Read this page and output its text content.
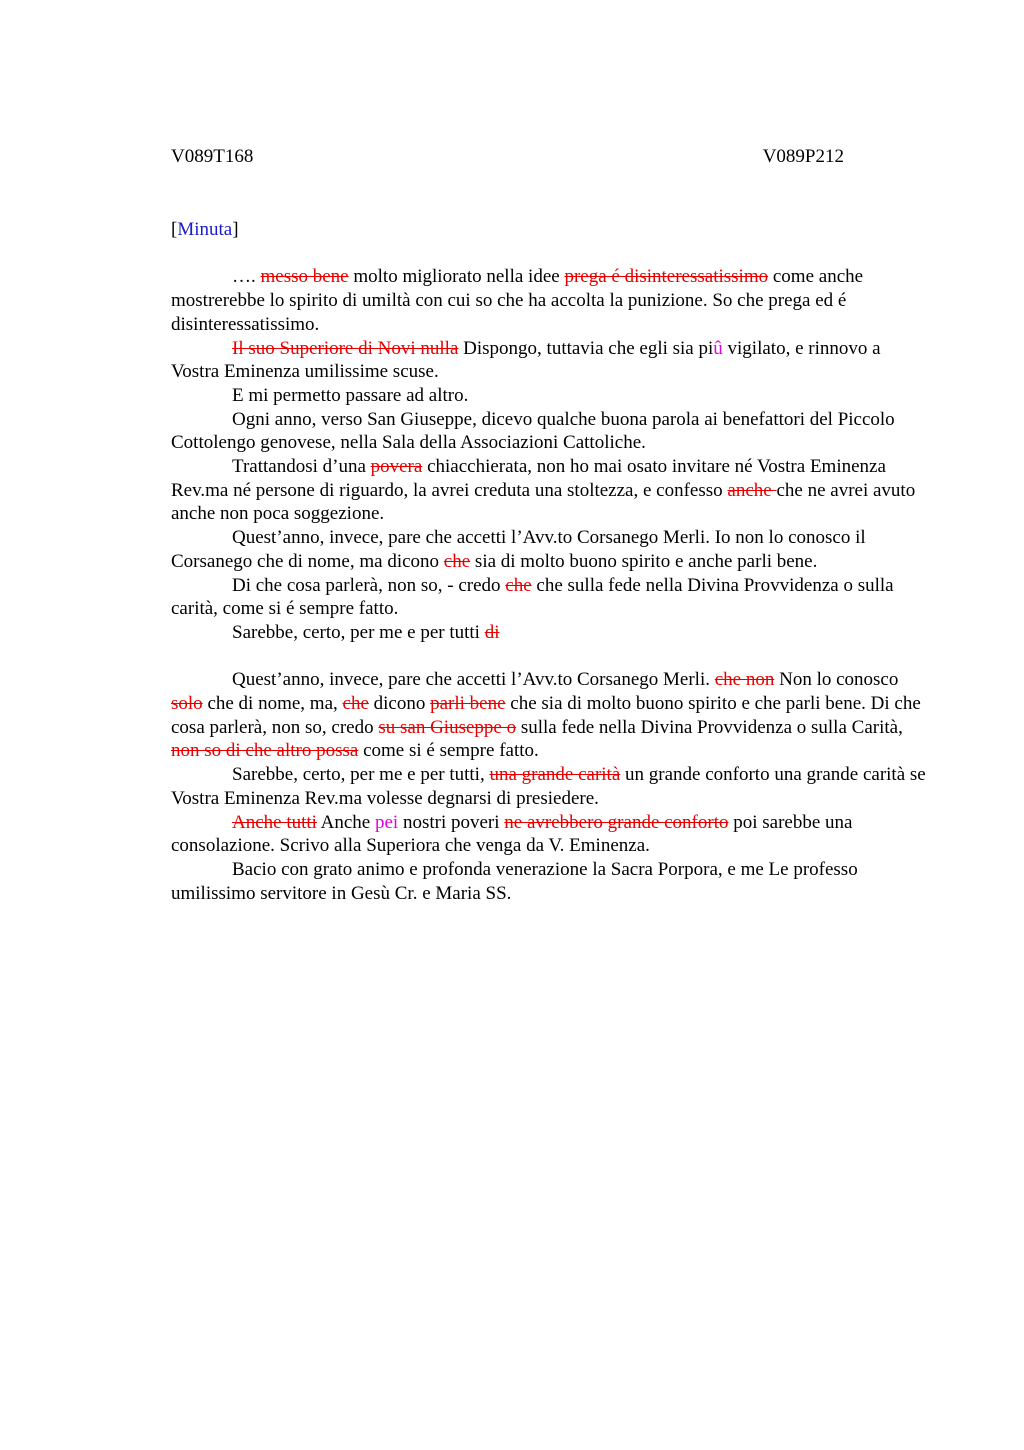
V089T168	V089P212
[Minuta]

…. messo bene molto migliorato nella idee prega é disinteressatissimo come anche mostrerebbe lo spirito di umiltà con cui so che ha accolta la punizione. So che prega ed é disinteressatissimo.

Il suo Superiore di Novi nulla Dispongo, tuttavia che egli sia piû vigilato, e rinnovo a Vostra Eminenza umilissime scuse.

E mi permetto passare ad altro.

Ogni anno, verso San Giuseppe, dicevo qualche buona parola ai benefattori del Piccolo Cottolengo genovese, nella Sala della Associazioni Cattoliche.

Trattandosi d’una povera chiacchierata, non ho mai osato invitare né Vostra Eminenza Rev.ma né persone di riguardo, la avrei creduta una stoltezza, e confesso anche che ne avrei avuto anche non poca soggezione.

Quest’anno, invece, pare che accetti l’Avv.to Corsanego Merli. Io non lo conosco il Corsanego che di nome, ma dicono che sia di molto buono spirito e anche parli bene.

Di che cosa parlerà, non so, - credo che che sulla fede nella Divina Provvidenza o sulla carità, come si é sempre fatto.

Sarebbe, certo, per me e per tutti di

Quest’anno, invece, pare che accetti l’Avv.to Corsanego Merli. che non Non lo conosco solo che di nome, ma, che dicono parli bene che sia di molto buono spirito e che parli bene. Di che cosa parlerà, non so, credo su san Giuseppe o sulla fede nella Divina Provvidenza o sulla Carità, non so di che altro possa come si é sempre fatto.

Sarebbe, certo, per me e per tutti, una grande carità un grande conforto una grande carità se Vostra Eminenza Rev.ma volesse degnarsi di presiedere.

Anche tutti Anche pei nostri poveri ne avrebbero grande conforto poi sarebbe una consolazione. Scrivo alla Superiora che venga da V. Eminenza.

Bacio con grato animo e profonda venerazione la Sacra Porpora, e me Le professo umilissimo servitore in Gesù Cr. e Maria SS.
